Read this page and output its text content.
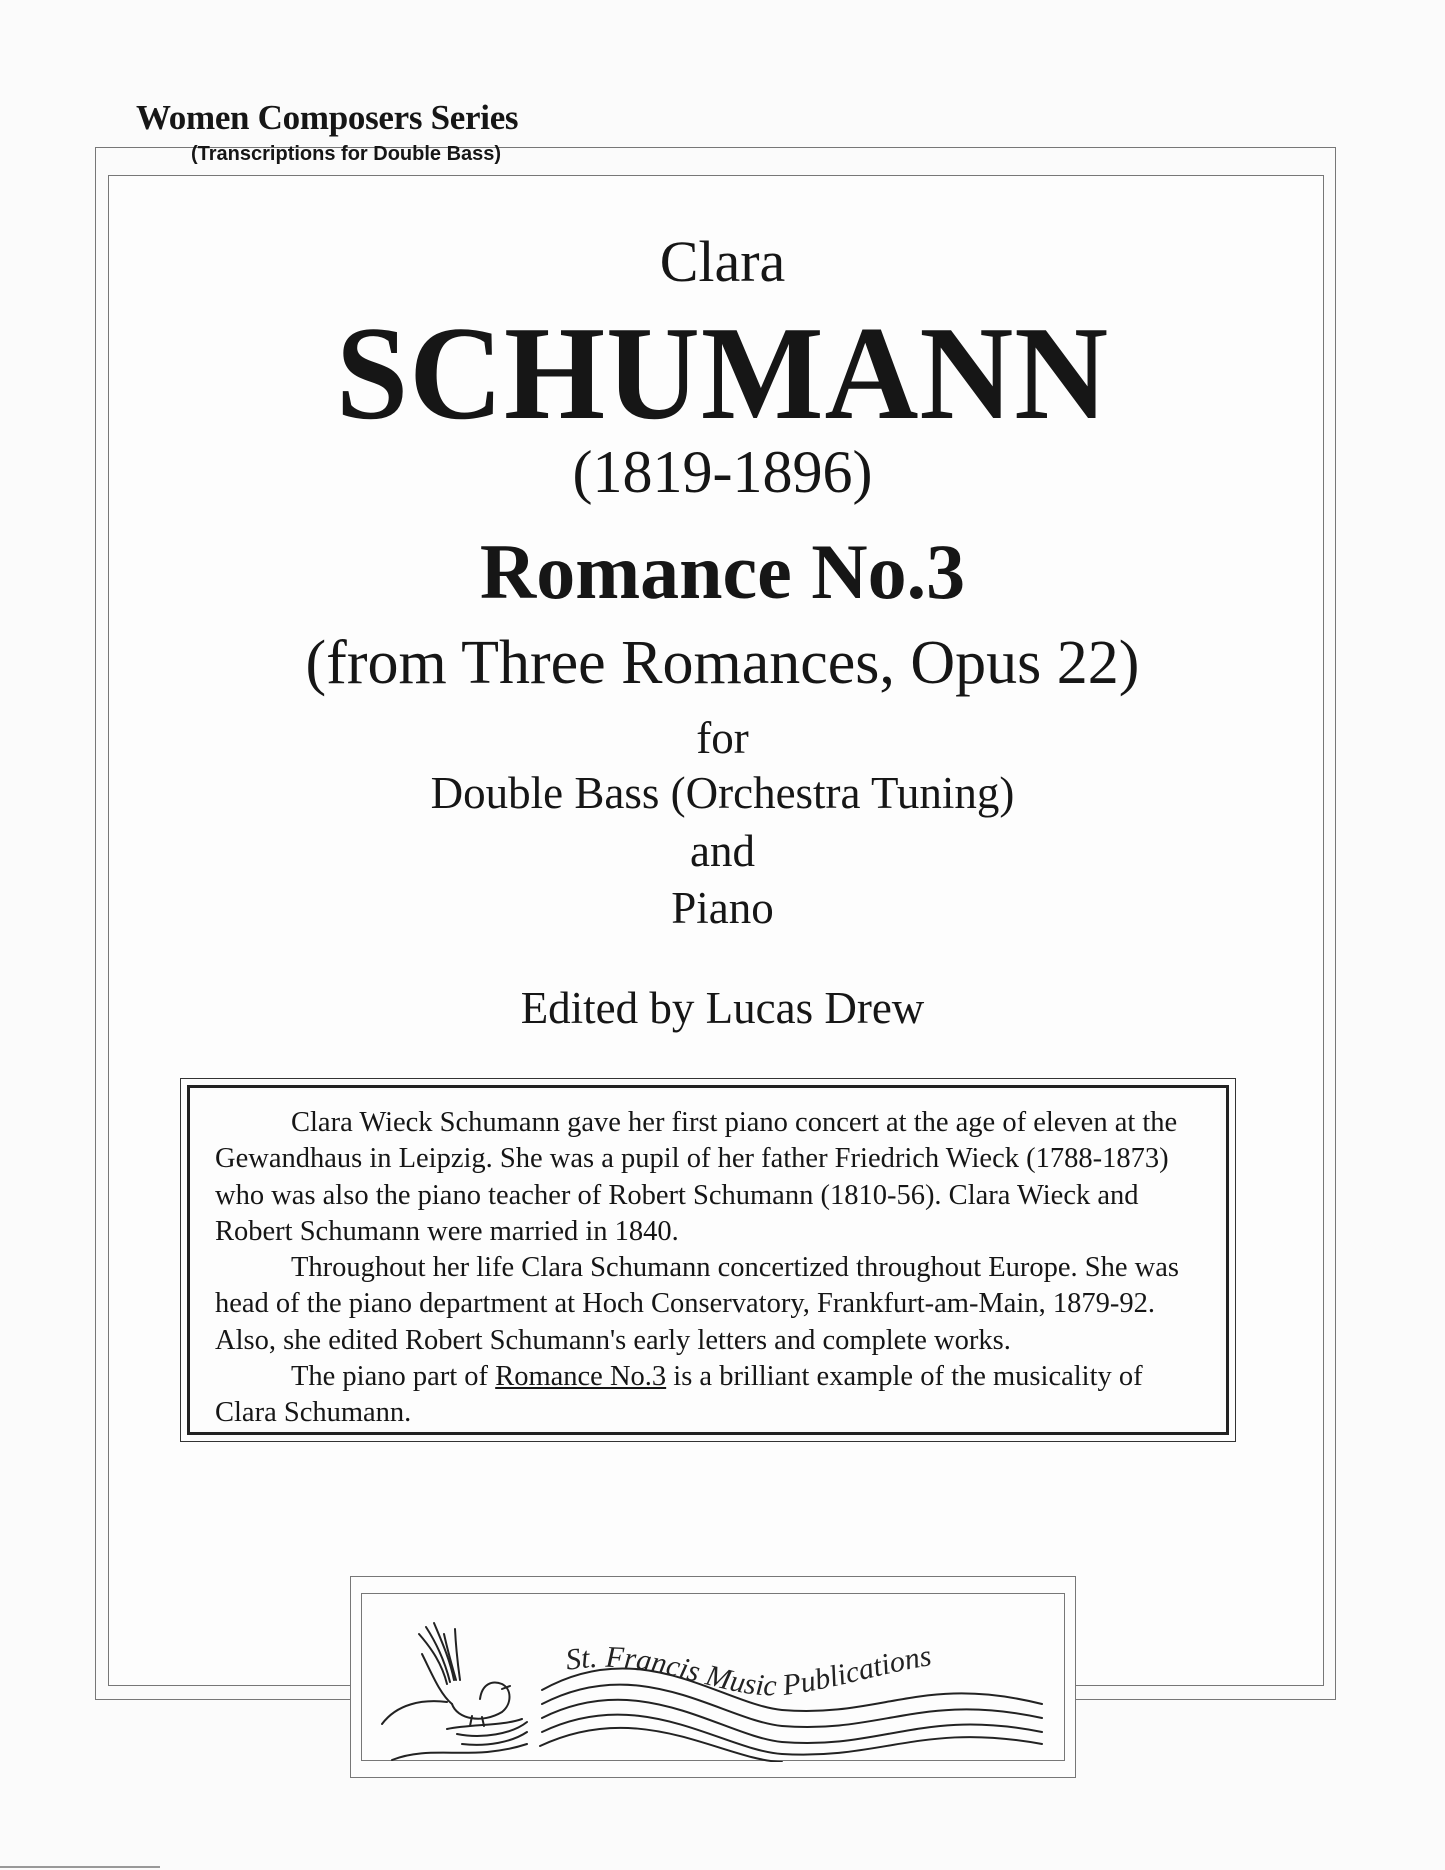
Women Composers Series
(Transcriptions for Double Bass)
Clara
SCHUMANN
(1819-1896)
Romance No.3
(from Three Romances, Opus 22)
for
Double Bass (Orchestra Tuning)
and
Piano
Edited by Lucas Drew

Clara Wieck Schumann gave her first piano concert at the age of eleven at the Gewandhaus in Leipzig. She was a pupil of her father Friedrich Wieck (1788-1873) who was also the piano teacher of Robert Schumann (1810-56). Clara Wieck and Robert Schumann were married in 1840.

Throughout her life Clara Schumann concertized throughout Europe. She was head of the piano department at Hoch Conservatory, Frankfurt-am-Main, 1879-92. Also, she edited Robert Schumann's early letters and complete works.

The piano part of Romance No.3 is a brilliant example of the musicality of Clara Schumann.

St. Francis Music Publications
